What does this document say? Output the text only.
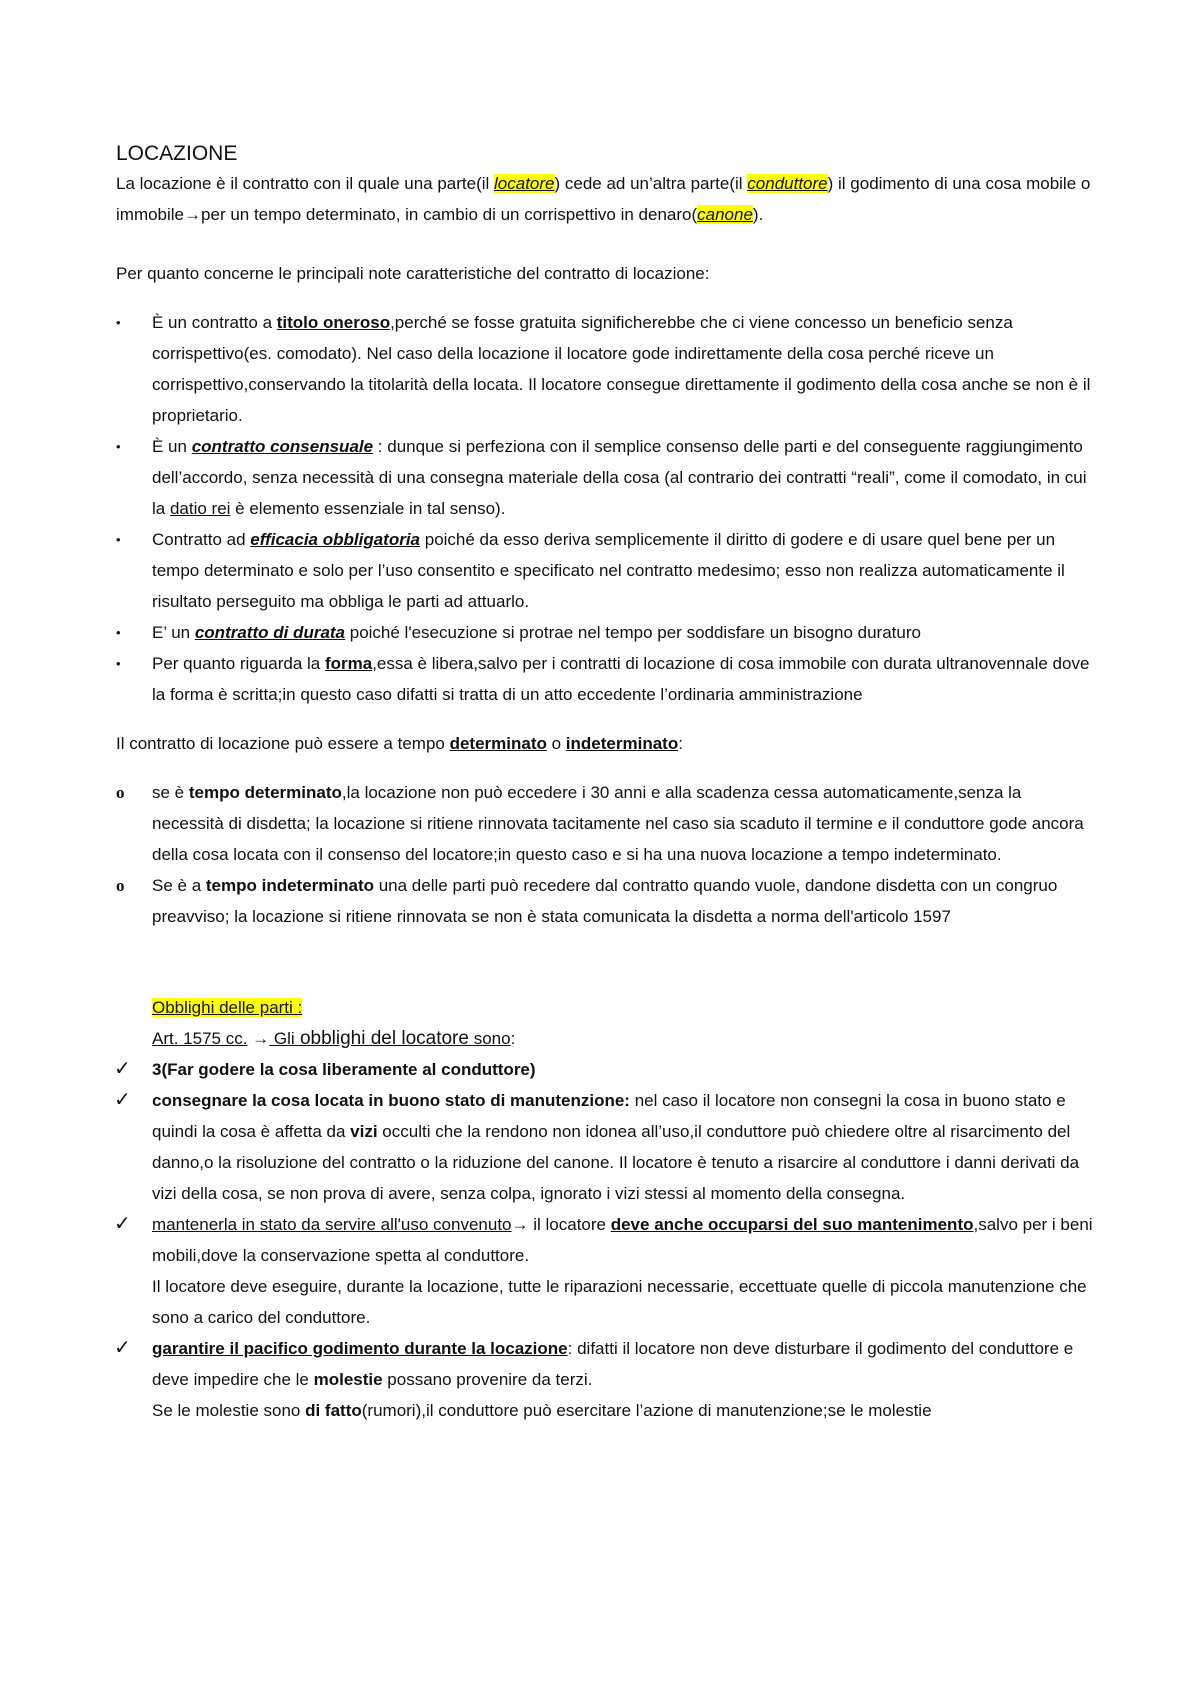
LOCAZIONE

La locazione è il contratto con il quale una parte(il locatore) cede ad un’altra parte(il conduttore) il godimento di una cosa mobile o immobile→per un tempo determinato, in cambio di un corrispettivo in denaro(canone).

Per quanto concerne le principali note caratteristiche del contratto di locazione:

•	È un contratto a titolo oneroso,perché se fosse gratuita significherebbe che ci viene concesso un beneficio senza corrispettivo(es. comodato). Nel caso della locazione il locatore gode indirettamente della cosa perché riceve un corrispettivo,conservando la titolarità della locata. Il locatore consegue direttamente il godimento della cosa anche se non è il proprietario.
•	È un contratto consensuale : dunque si perfeziona con il semplice consenso delle parti e del conseguente raggiungimento dell’accordo, senza necessità di una consegna materiale della cosa (al contrario dei contratti “reali”, come il comodato, in cui la datio rei è elemento essenziale in tal senso).
•	Contratto ad efficacia obbligatoria poiché da esso deriva semplicemente il diritto di godere e di usare quel bene per un tempo determinato e solo per l’uso consentito e specificato nel contratto medesimo; esso non realizza automaticamente il risultato perseguito ma obbliga le parti ad attuarlo.
•	E’ un contratto di durata poiché l'esecuzione si protrae nel tempo per soddisfare un bisogno duraturo
•	Per quanto riguarda la forma,essa è libera,salvo per i contratti di locazione di cosa immobile con durata ultranovennale dove la forma è scritta;in questo caso difatti si tratta di un atto eccedente l’ordinaria amministrazione

Il contratto di locazione può essere a tempo determinato o indeterminato:

o	se è tempo determinato,la locazione non può eccedere i 30 anni e alla scadenza cessa automaticamente,senza la necessità di disdetta; la locazione si ritiene rinnovata tacitamente nel caso sia scaduto il termine e il conduttore gode ancora della cosa locata con il consenso del locatore;in questo caso e si ha una nuova locazione a tempo indeterminato.
o	Se è a tempo indeterminato una delle parti può recedere dal contratto quando vuole, dandone disdetta con un congruo preavviso; la locazione si ritiene rinnovata se non è stata comunicata la disdetta a norma dell'articolo 1597

Obblighi delle parti :

Art. 1575 cc. → Gli obblighi del locatore sono:

✓	3(Far godere la cosa liberamente al conduttore)
✓	consegnare la cosa locata in buono stato di manutenzione: nel caso il locatore non consegni la cosa in buono stato e quindi la cosa è affetta da vizi occulti che la rendono non idonea all’uso,il conduttore può chiedere oltre al risarcimento del danno,o la risoluzione del contratto o la riduzione del canone. Il locatore è tenuto a risarcire al conduttore i danni derivati da vizi della cosa, se non prova di avere, senza colpa, ignorato i vizi stessi al momento della consegna.
✓	mantenerla in stato da servire all'uso convenuto→ il locatore deve anche occuparsi del suo mantenimento,salvo per i beni mobili,dove la conservazione spetta al conduttore.
Il locatore deve eseguire, durante la locazione, tutte le riparazioni necessarie, eccettuate quelle di piccola manutenzione che sono a carico del conduttore.
✓	garantire il pacifico godimento durante la locazione: difatti il locatore non deve disturbare il godimento del conduttore e deve impedire che le molestie possano provenire da terzi.
Se le molestie sono di fatto(rumori),il conduttore può esercitare l’azione di manutenzione;se le molestie
